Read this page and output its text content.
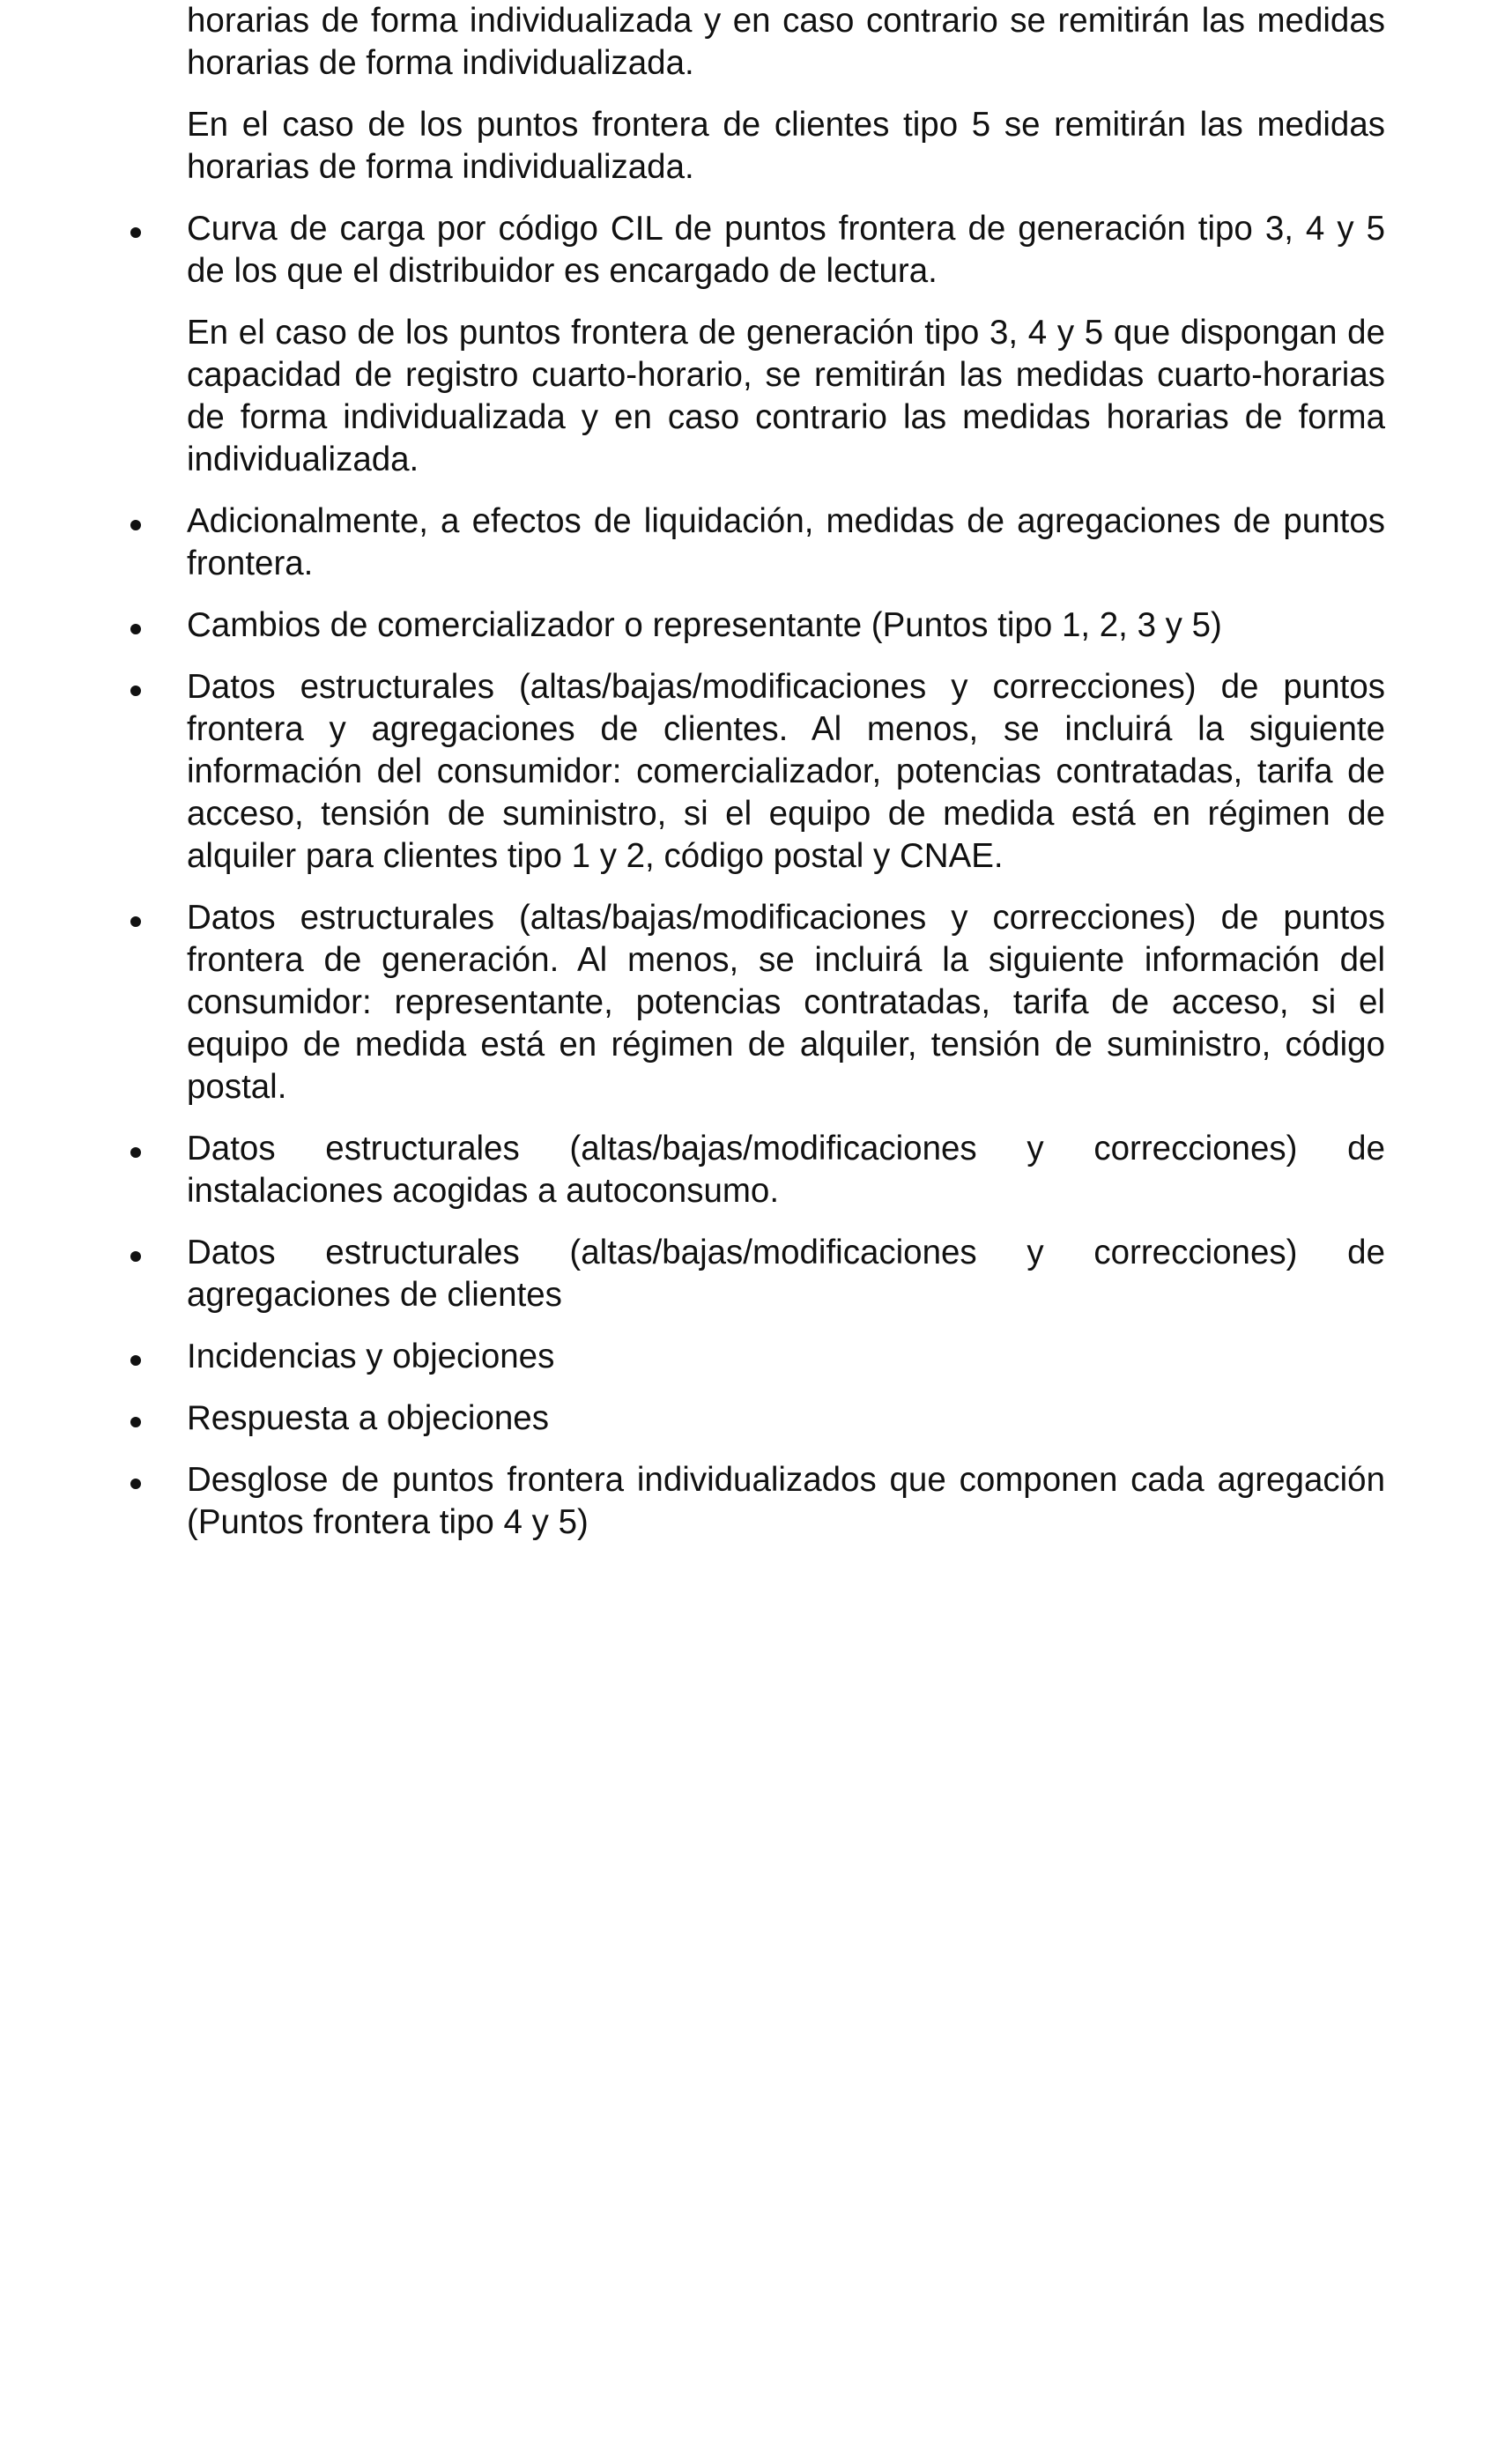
horarias de forma individualizada y en caso contrario se remitirán las medidas horarias de forma individualizada.

En el caso de los puntos frontera de clientes tipo 5 se remitirán las medidas horarias de forma individualizada.

Curva de carga por código CIL de puntos frontera de generación tipo 3, 4 y 5 de los que el distribuidor es encargado de lectura.

En el caso de los puntos frontera de generación tipo 3, 4 y 5 que dispongan de capacidad de registro cuarto-horario, se remitirán las medidas cuarto-horarias de forma individualizada y en caso contrario las medidas horarias de forma individualizada.

Adicionalmente, a efectos de liquidación, medidas de agregaciones de puntos frontera.
Cambios de comercializador o representante (Puntos tipo 1, 2, 3 y 5)
Datos estructurales (altas/bajas/modificaciones y correcciones) de puntos frontera y agregaciones de clientes. Al menos, se incluirá la siguiente información del consumidor: comercializador, potencias contratadas, tarifa de acceso, tensión de suministro, si el equipo de medida está en régimen de alquiler para clientes tipo 1 y 2, código postal y CNAE.
Datos estructurales (altas/bajas/modificaciones y correcciones) de puntos frontera de generación. Al menos, se incluirá la siguiente información del consumidor: representante, potencias contratadas, tarifa de acceso, si el equipo de medida está en régimen de alquiler, tensión de suministro, código postal.
Datos estructurales (altas/bajas/modificaciones y correcciones) de instalaciones acogidas a autoconsumo.
Datos estructurales (altas/bajas/modificaciones y correcciones) de agregaciones de clientes
Incidencias y objeciones
Respuesta a objeciones
Desglose de puntos frontera individualizados que componen cada agregación (Puntos frontera tipo 4 y 5)
